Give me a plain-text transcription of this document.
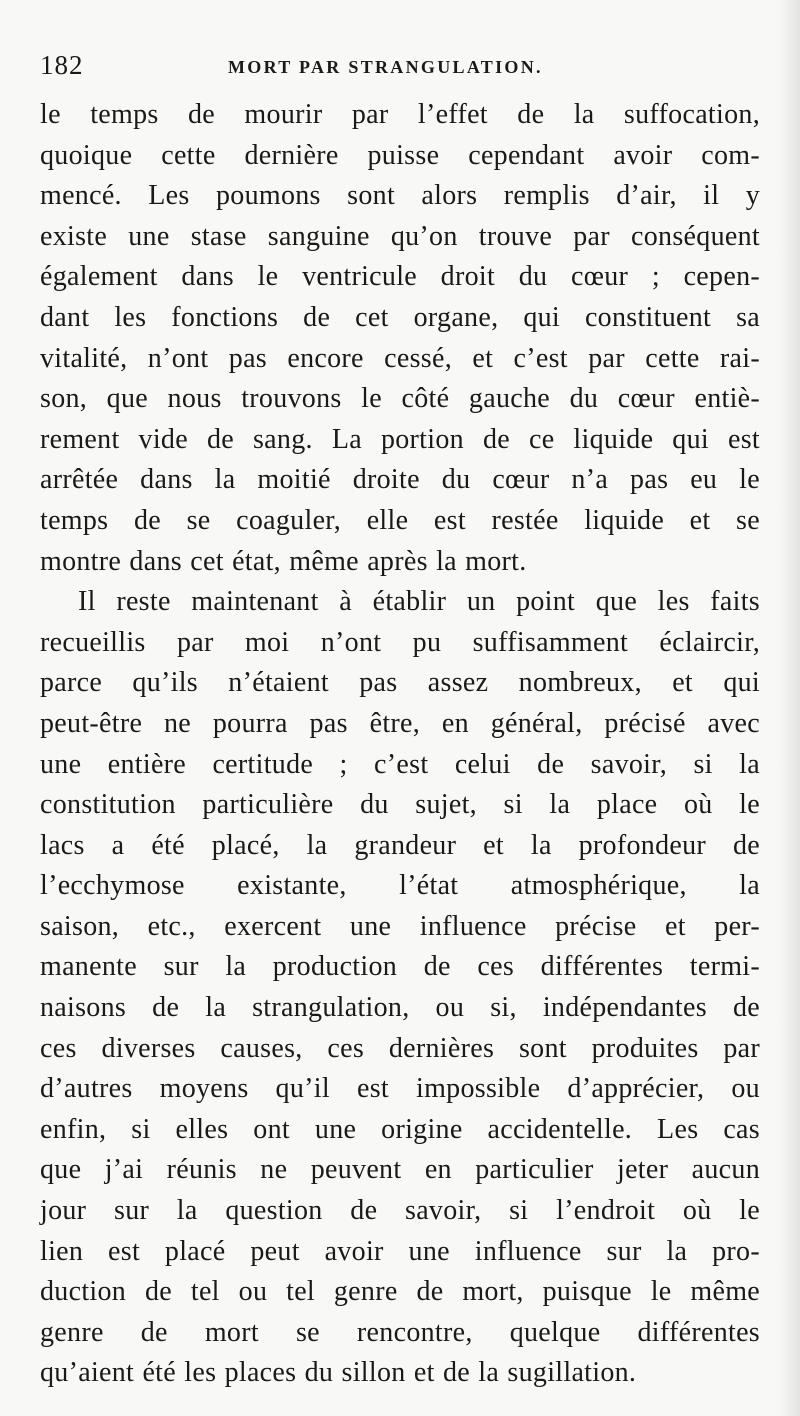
182	MORT PAR STRANGULATION.
le temps de mourir par l’effet de la suffocation,
quoique cette dernière puisse cependant avoir com-
mencé. Les poumons sont alors remplis d’air, il y
existe une stase sanguine qu’on trouve par conséquent
également dans le ventricule droit du cœur ; cepen-
dant les fonctions de cet organe, qui constituent sa
vitalité, n’ont pas encore cessé, et c’est par cette rai-
son, que nous trouvons le côté gauche du cœur entiè-
rement vide de sang. La portion de ce liquide qui est
arrêtée dans la moitié droite du cœur n’a pas eu le
temps de se coaguler, elle est restée liquide et se
montre dans cet état, même après la mort.
Il reste maintenant à établir un point que les faits
recueillis par moi n’ont pu suffisamment éclaircir,
parce qu’ils n’étaient pas assez nombreux, et qui
peut-être ne pourra pas être, en général, précisé avec
une entière certitude ; c’est celui de savoir, si la
constitution particulière du sujet, si la place où le
lacs a été placé, la grandeur et la profondeur de
l’ecchymose existante, l’état atmosphérique, la
saison, etc., exercent une influence précise et per-
manente sur la production de ces différentes termi-
naisons de la strangulation, ou si, indépendantes de
ces diverses causes, ces dernières sont produites par
d’autres moyens qu’il est impossible d’apprécier, ou
enfin, si elles ont une origine accidentelle. Les cas
que j’ai réunis ne peuvent en particulier jeter aucun
jour sur la question de savoir, si l’endroit où le
lien est placé peut avoir une influence sur la pro-
duction de tel ou tel genre de mort, puisque le même
genre de mort se rencontre, quelque différentes
qu’aient été les places du sillon et de la sugillation.
